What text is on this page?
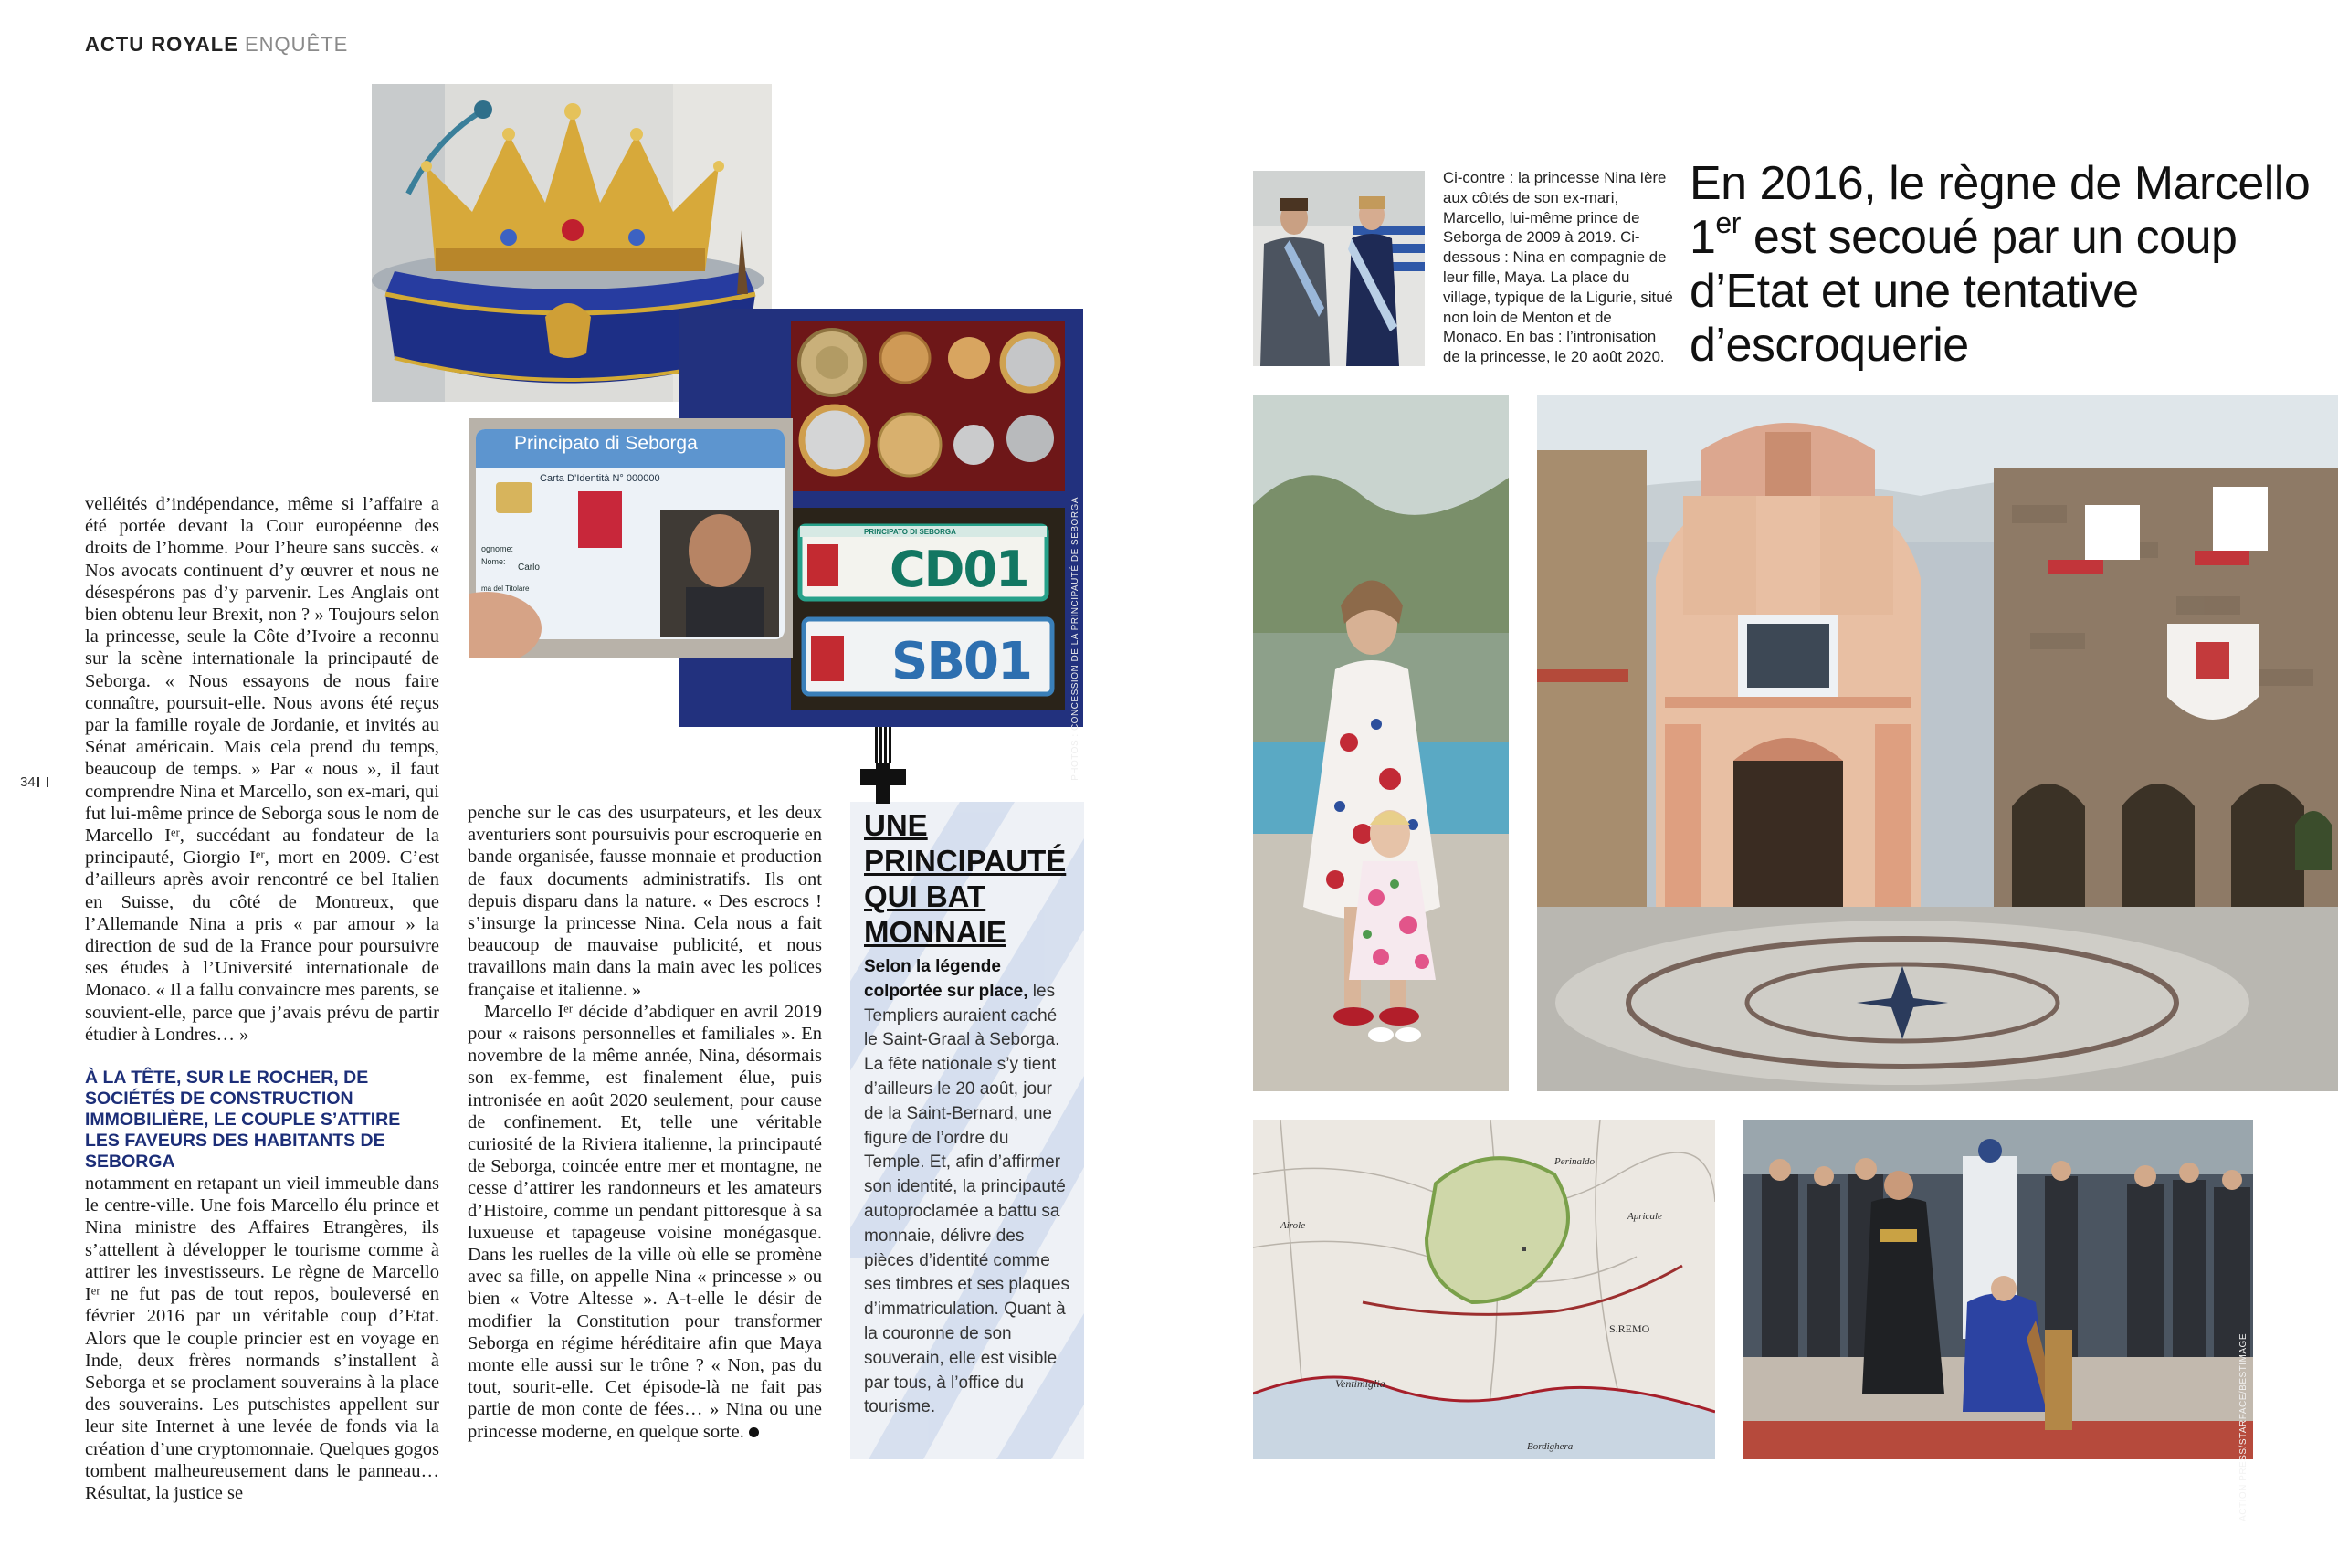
ACTU ROYALE ENQUÊTE
34
PRINCIPATO DI SEBORGA
CD01
SB01	PHOTOS : CONCESSION DE LA PRINCIPAUTÉ DE SEBORGA
Principato di Seborga
Carta D’Identità N° 000000
ognome:
Nome:
Carlo
ma del Titolare

velléités d’indépendance, même si l’affaire a été portée devant la Cour européenne des droits de l’homme. Pour l’heure sans succès. « Nos avocats continuent d’y œuvrer et nous ne désespérons pas d’y parvenir. Les Anglais ont bien obtenu leur Brexit, non ? » Toujours selon la princesse, seule la Côte d’Ivoire a reconnu sur la scène internationale la principauté de Seborga. « Nous essayons de nous faire connaître, poursuit-elle. Nous avons été reçus par la famille royale de Jordanie, et invités au Sénat américain. Mais cela prend du temps, beaucoup de temps. » Par « nous », il faut comprendre Nina et Marcello, son ex-mari, qui fut lui-même prince de Seborga sous le nom de Marcello Iᵉʳ, succédant au fondateur de la principauté, Giorgio Iᵉʳ, mort en 2009. C’est d’ailleurs après avoir rencontré ce bel Italien en Suisse, du côté de Montreux, que l’Allemande Nina a pris « par amour » la direction de sud de la France pour poursuivre ses études à l’Université internationale de Monaco. « Il a fallu convaincre mes parents, se souvient-elle, parce que j’avais prévu de partir étudier à Londres… »

À LA TÊTE, SUR LE ROCHER, DE SOCIÉTÉS DE CONSTRUCTION IMMOBILIÈRE, LE COUPLE S’ATTIRE LES FAVEURS DES HABITANTS DE SEBORGA

notamment en retapant un vieil immeuble dans le centre-ville. Une fois Marcello élu prince et Nina ministre des Affaires Etrangères, ils s’attellent à développer le tourisme comme à attirer les investisseurs. Le règne de Marcello Iᵉʳ ne fut pas de tout repos, bouleversé en février 2016 par un véritable coup d’Etat. Alors que le couple princier est en voyage en Inde, deux frères normands s’installent à Seborga et se proclament souverains à la place des souverains. Les putschistes appellent sur leur site Internet à une levée de fonds via la création d’une cryptomonnaie. Quelques gogos tombent malheureusement dans le panneau… Résultat, la justice se

penche sur le cas des usurpateurs, et les deux aventuriers sont poursuivis pour escroquerie en bande organisée, fausse monnaie et production de faux documents administratifs. Ils ont depuis disparu dans la nature. « Des escrocs ! s’insurge la princesse Nina. Cela nous a fait beaucoup de mauvaise publicité, et nous travaillons main dans la main avec les polices française et italienne. »

Marcello Iᵉʳ décide d’abdiquer en avril 2019 pour « raisons personnelles et familiales ». En novembre de la même année, Nina, désormais son ex-femme, est finalement élue, puis intronisée en août 2020 seulement, pour cause de confinement. Et, telle une véritable curiosité de la Riviera italienne, la principauté de Seborga, coincée entre mer et montagne, ne cesse d’attirer les randonneurs et les amateurs d’Histoire, comme un pendant pittoresque à sa luxueuse et tapageuse voisine monégasque. Dans les ruelles de la ville où elle se promène avec sa fille, on appelle Nina « princesse » ou bien « Votre Altesse ». A-t-elle le désir de modifier la Constitution pour transformer Seborga en régime héréditaire afin que Maya monte elle aussi sur le trône ? « Non, pas du tout, sourit-elle. Cet épisode-là ne fait pas partie de mon conte de fées… » Nina ou une princesse moderne, en quelque sorte.

UNE
PRINCIPAUTÉ
QUI BAT
MONNAIE
Selon la légende colportée sur place, les Templiers auraient caché le Saint-Graal à Seborga. La fête nationale s’y tient d’ailleurs le 20 août, jour de la Saint-Bernard, une figure de l’ordre du Temple. Et, afin d’affirmer son identité, la principauté autoproclamée a battu sa monnaie, délivre des pièces d’identité comme ses timbres et ses plaques d’immatriculation. Quant à la couronne de son souverain, elle est visible par tous, à l’office du tourisme.
Ci-contre : la princesse Nina Ière aux côtés de son ex-mari, Marcello, lui-même prince de Seborga de 2009 à 2019. Ci-dessous : Nina en compagnie de leur fille, Maya. La place du village, typique de la Ligurie, situé non loin de Menton et de Monaco. En bas : l’intronisation de la princesse, le 20 août 2020.
En 2016, le règne de Marcello 1er est secoué par un coup d’Etat et une tentative d’escroquerie
Ventimiglia
S.REMO
Bordighera
Perinaldo
Airole
Apricale
ACTION PRESS/STARFACE/BESTIMAGE
